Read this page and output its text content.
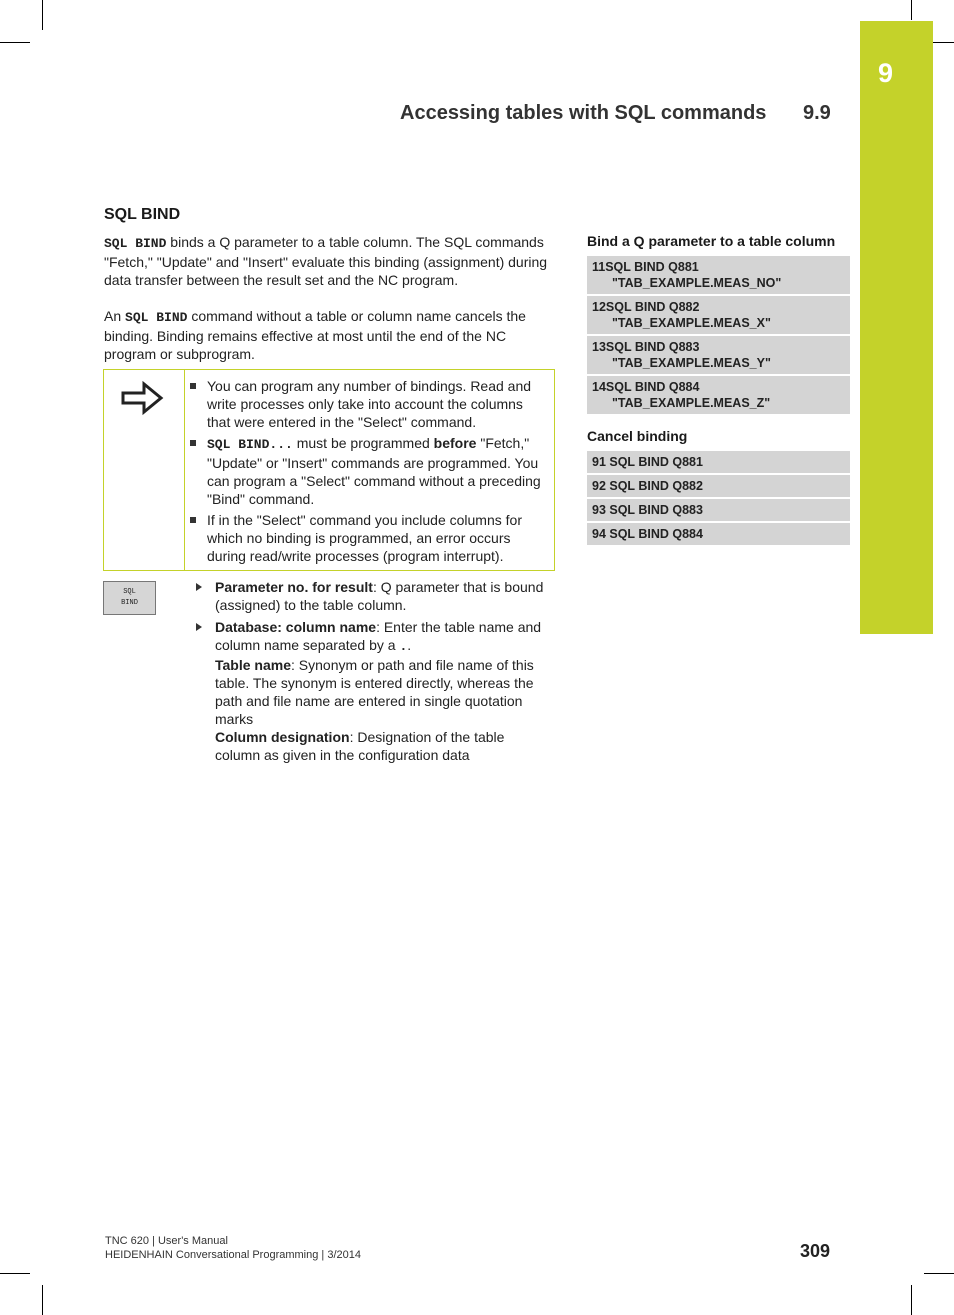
9
Accessing tables with SQL commands 9.9
SQL BIND
SQL BIND binds a Q parameter to a table column. The SQL commands "Fetch," "Update" and "Insert" evaluate this binding (assignment) during data transfer between the result set and the NC program.
An SQL BIND command without a table or column name cancels the binding. Binding remains effective at most until the end of the NC program or subprogram.
You can program any number of bindings. Read and write processes only take into account the columns that were entered in the "Select" command.
SQL BIND... must be programmed before "Fetch," "Update" or "Insert" commands are programmed. You can program a "Select" command without a preceding "Bind" command.
If in the "Select" command you include columns for which no binding is programmed, an error occurs during read/write processes (program interrupt).
SQL
BIND
Parameter no. for result: Q parameter that is bound (assigned) to the table column.
Database: column name: Enter the table name and column name separated by a ..
Table name: Synonym or path and file name of this table. The synonym is entered directly, whereas the path and file name are entered in single quotation marks
Column designation: Designation of the table column as given in the configuration data
Bind a Q parameter to a table column
11SQL BIND Q881
"TAB_EXAMPLE.MEAS_NO"
12SQL BIND Q882
"TAB_EXAMPLE.MEAS_X"
13SQL BIND Q883
"TAB_EXAMPLE.MEAS_Y"
14SQL BIND Q884
"TAB_EXAMPLE.MEAS_Z"
Cancel binding
91 SQL BIND Q881
92 SQL BIND Q882
93 SQL BIND Q883
94 SQL BIND Q884
TNC 620 | User's Manual
HEIDENHAIN Conversational Programming | 3/2014	309
